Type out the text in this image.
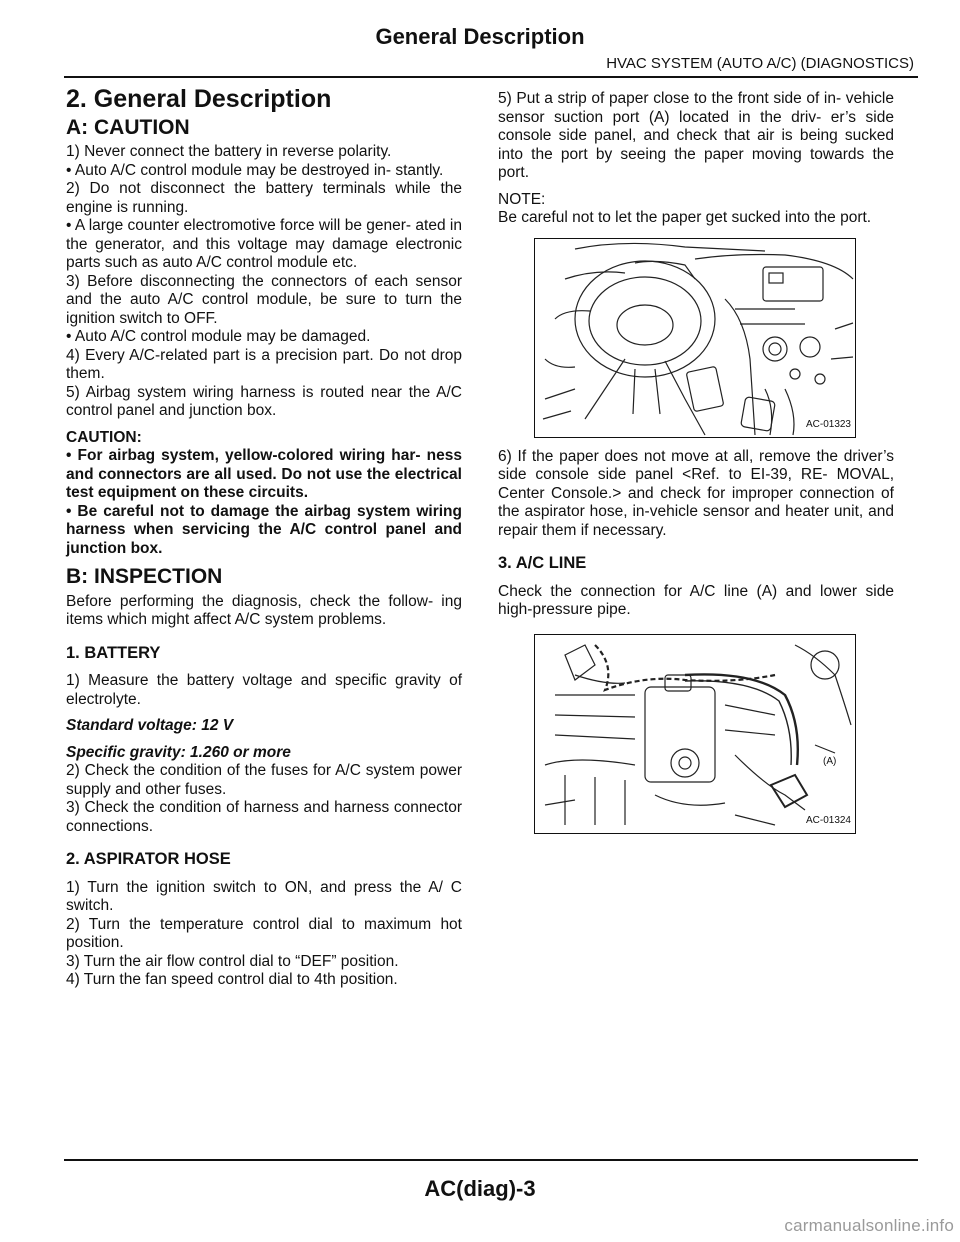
General Description
HVAC SYSTEM (AUTO A/C) (DIAGNOSTICS)
2. General Description
A: CAUTION

1) Never connect the battery in reverse polarity.

• Auto A/C control module may be destroyed in- stantly.

2) Do not disconnect the battery terminals while the engine is running.

• A large counter electromotive force will be gener- ated in the generator, and this voltage may damage electronic parts such as auto A/C control module etc.

3) Before disconnecting the connectors of each sensor and the auto A/C control module, be sure to turn the ignition switch to OFF.

• Auto A/C control module may be damaged.

4) Every A/C-related part is a precision part. Do not drop them.

5) Airbag system wiring harness is routed near the A/C control panel and junction box.

CAUTION:

• For airbag system, yellow-colored wiring har- ness and connectors are all used. Do not use the electrical test equipment on these circuits.

• Be careful not to damage the airbag system wiring harness when servicing the A/C control panel and junction box.

B: INSPECTION

Before performing the diagnosis, check the follow- ing items which might affect A/C system problems.

1. BATTERY

1) Measure the battery voltage and specific gravity of electrolyte.

Standard voltage: 12 V

Specific gravity: 1.260 or more

2) Check the condition of the fuses for A/C system power supply and other fuses.

3) Check the condition of harness and harness connector connections.

2. ASPIRATOR HOSE

1) Turn the ignition switch to ON, and press the A/ C switch.

2) Turn the temperature control dial to maximum hot position.

3) Turn the air flow control dial to “DEF” position.

4) Turn the fan speed control dial to 4th position.

5) Put a strip of paper close to the front side of in- vehicle sensor suction port (A) located in the driv- er’s side console side panel, and check that air is being sucked into the port by seeing the paper moving towards the port.

NOTE:

Be careful not to let the paper get sucked into the port.

AC-01323

6) If the paper does not move at all, remove the driver’s side console side panel <Ref. to EI-39, RE- MOVAL, Center Console.> and check for improper connection of the aspirator hose, in-vehicle sensor and heater unit, and repair them if necessary.

3. A/C LINE

Check the connection for A/C line (A) and lower side high-pressure pipe.

(A)
AC-01324
AC(diag)-3
carmanualsonline.info
